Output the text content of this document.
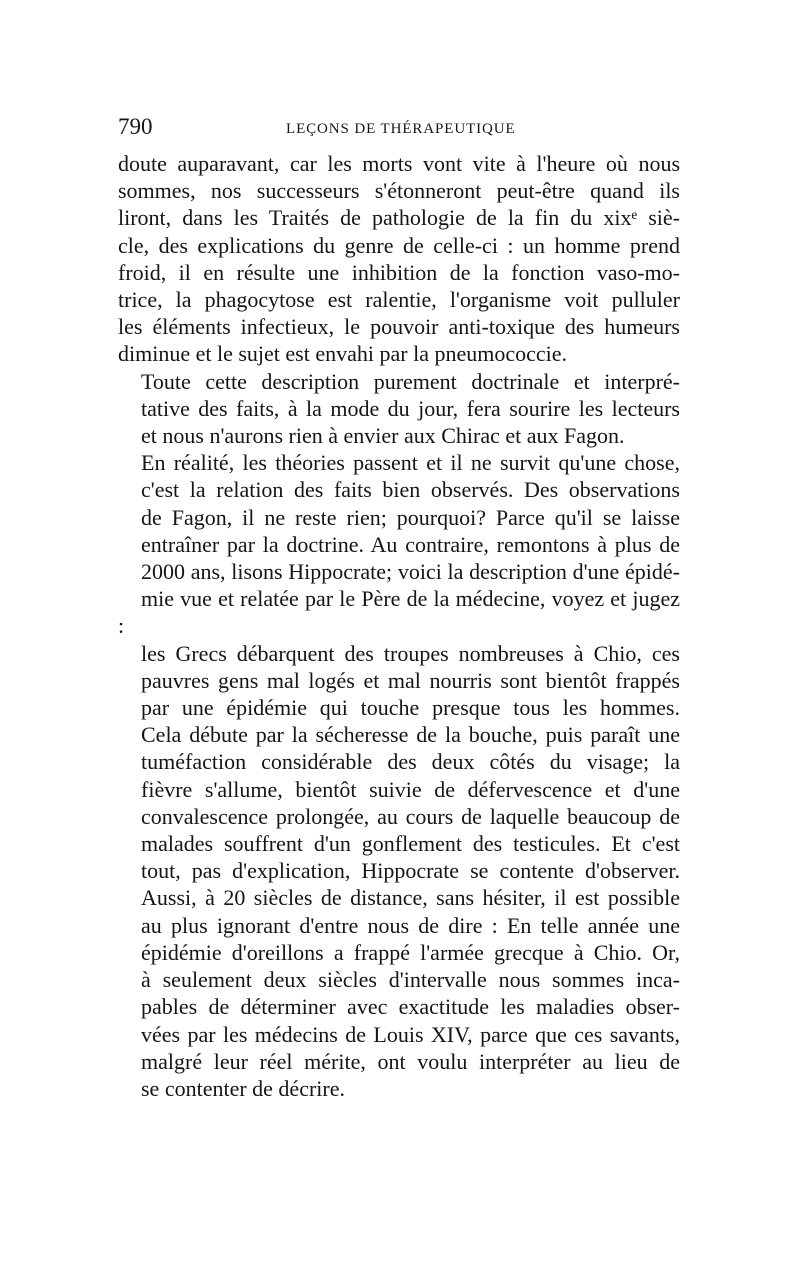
790	LEÇONS DE THÉRAPEUTIQUE

doute auparavant, car les morts vont vite à l'heure où nous
sommes, nos successeurs s'étonneront peut-être quand ils
liront, dans les Traités de pathologie de la fin du xixᵉ siè-
cle, des explications du genre de celle-ci : un homme prend
froid, il en résulte une inhibition de la fonction vaso-mo-
trice, la phagocytose est ralentie, l'organisme voit pulluler
les éléments infectieux, le pouvoir anti-toxique des humeurs
diminue et le sujet est envahi par la pneumococcie.

Toute cette description purement doctrinale et interpré-
tative des faits, à la mode du jour, fera sourire les lecteurs
et nous n'aurons rien à envier aux Chirac et aux Fagon.

En réalité, les théories passent et il ne survit qu'une chose,
c'est la relation des faits bien observés. Des observations
de Fagon, il ne reste rien; pourquoi? Parce qu'il se laisse
entraîner par la doctrine. Au contraire, remontons à plus de
2000 ans, lisons Hippocrate; voici la description d'une épidé-
mie vue et relatée par le Père de la médecine, voyez et jugez :
les Grecs débarquent des troupes nombreuses à Chio, ces
pauvres gens mal logés et mal nourris sont bientôt frappés
par une épidémie qui touche presque tous les hommes.
Cela débute par la sécheresse de la bouche, puis paraît une
tuméfaction considérable des deux côtés du visage; la
fièvre s'allume, bientôt suivie de défervescence et d'une
convalescence prolongée, au cours de laquelle beaucoup de
malades souffrent d'un gonflement des testicules. Et c'est
tout, pas d'explication, Hippocrate se contente d'observer.
Aussi, à 20 siècles de distance, sans hésiter, il est possible
au plus ignorant d'entre nous de dire : En telle année une
épidémie d'oreillons a frappé l'armée grecque à Chio. Or,
à seulement deux siècles d'intervalle nous sommes inca-
pables de déterminer avec exactitude les maladies obser-
vées par les médecins de Louis XIV, parce que ces savants,
malgré leur réel mérite, ont voulu interpréter au lieu de
se contenter de décrire.
